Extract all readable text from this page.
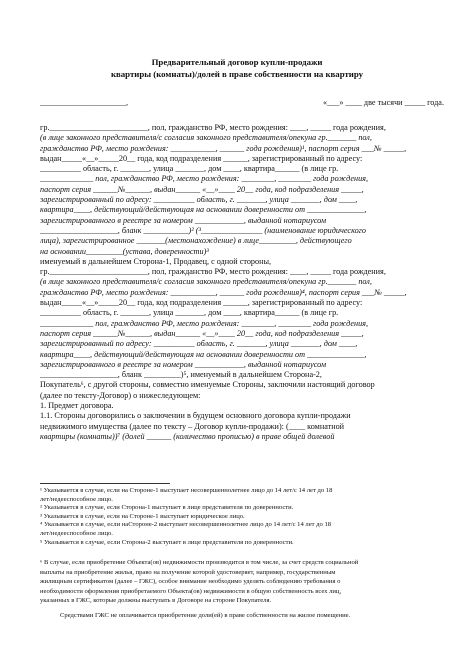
Предварительный договор купли-продажи
квартиры (комнаты)/долей в праве собственности на квартиру
_____________________,	«___» ____ две тысячи _____ года.
гр.________________________, пол, гражданство РФ, место рождения: ____, _____ года рождения,
(в лице законного представителя/с согласия законного представителя/опекуна гр._______ пол,
гражданство РФ, место рождения: ___________, ______ года рождения)¹, паспорт серия ___№ _____,
выдан_____«__»_____20__ года, код подразделения ______, зарегистрированный по адресу:
__________ область, г. _______, улица _______, дом ____, квартира______ (в лице гр.
_____________ пол, гражданство РФ, место рождения: ________, ________ года рождения,
паспорт серия ______№______, выдан______ «__»____ 20__ года, код подразделения _____,
зарегистрированный по адресу: __________ область, г. _______, улица _______, дом ____,
квартира____, действующий/действующая на основании доверенности от ______________,
зарегистрированного в реестре за номером ____________, выданной нотариусом
___________________, бланк ___________)² (³_______________ (наименование юридического
лица), зарегистрированное _______(местонахождение) в лице_________, действующего
на основании_________(устава, доверенности)³
именуемый в дальнейшем Сторона-1, Продавец, с одной стороны,
гр.________________________, пол, гражданство РФ, место рождения: ____, _____ года рождения,
(в лице законного представителя/с согласия законного представителя/опекуна гр._______ пол,
гражданство РФ, место рождения: ___________, ______ года рождения)⁴, паспорт серия ___№ _____,
выдан_____«__»_____20__ года, код подразделения ______, зарегистрированный по адресу:
__________ область, г. _______, улица _______, дом ____, квартира______ (в лице гр.
_____________ пол, гражданство РФ, место рождения: ________, ________ года рождения,
паспорт серия ______№______, выдан______ «__»____ 20__ года, код подразделения _____,
зарегистрированный по адресу: __________ область, г. _______, улица _______, дом ____,
квартира____, действующий/действующая на основании доверенности от ______________,
зарегистрированного в реестре за номером ____________, выданной нотариусом
___________________, бланк _________)⁵, именуемый в дальнейшем Сторона-2,
Покупатель⁶, с другой стороны, совместно именуемые Стороны, заключили настоящий договор
(далее по тексту-Договор) о нижеследующем:
1. Предмет договора.
1.1. Стороны договорились о заключении в будущем основного договора купли-продажи
недвижимого имущества (далее по тексту – Договор купли-продажи): (____ комнатной
квартиры (комнаты))⁷ (долей ______ (количество прописью) в праве общей долевой
¹ Указывается в случае, если на Стороне-1 выступает несовершеннолетнее лицо до 14 лет/с 14 лет до 18
лет/недееспособное лицо.
² Указывается в случае, если Сторона-1 выступает в лице представителя по доверенности.
³ Указывается в случае, если на Стороне-1 выступает юридическое лицо.
⁴ Указывается в случае, если наСтороне-2 выступает несовершеннолетнее лицо до 14 лет/с 14 лет до 18
лет/недееспособное лицо.
⁵ Указывается в случае, если Сторона-2 выступает в лице представителя по доверенности.
⁶ В случае, если приобретение Объекта(ов) недвижимости производится в том числе, за счет средств социальной
выплаты на приобретение жилья, право на получение которой удостоверяет, например, государственным
жилищным сертификатом (далее – ГЖС), особое внимание необходимо уделять соблюдению требования о
необходимости оформления приобретаемого Объекта(ов) недвижимости в общую собственность всех лиц,
указанных в ГЖС, которые должны выступать в Договоре на стороне Покупателя.
Средствами ГЖС не оплачивается приобретение доли(ей) в праве собственности на жилое помещение.
